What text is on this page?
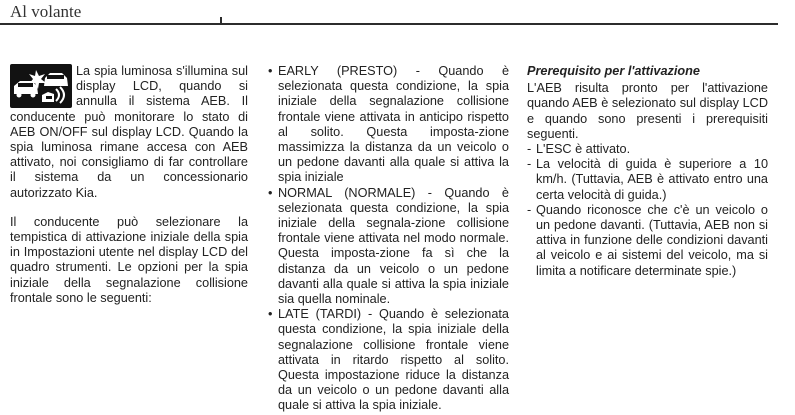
Al volante

La spia luminosa s'illumina sul display LCD, quando si annulla il sistema AEB. Il conducente può monitorare lo stato di AEB ON/OFF sul display LCD. Quando la spia luminosa rimane accesa con AEB attivato, noi consigliamo di far controllare il sistema da un concessionario autorizzato Kia.

Il conducente può selezionare la tempistica di attivazione iniziale della spia in Impostazioni utente nel display LCD del quadro strumenti. Le opzioni per la spia iniziale della segnalazione collisione frontale sono le seguenti:

• EARLY (PRESTO) - Quando è selezionata questa condizione, la spia iniziale della segnalazione collisione frontale viene attivata in anticipo rispetto al solito. Questa imposta-zione massimizza la distanza da un veicolo o un pedone davanti alla quale si attiva la spia iniziale
• NORMAL (NORMALE) - Quando è selezionata questa condizione, la spia iniziale della segnala-zione collisione frontale viene attivata nel modo normale. Questa imposta-zione fa sì che la distanza da un veicolo o un pedone davanti alla quale si attiva la spia iniziale sia quella nominale.
• LATE (TARDI) - Quando è selezionata questa condizione, la spia iniziale della segnalazione collisione frontale viene attivata in ritardo rispetto al solito. Questa impostazione riduce la distanza da un veicolo o un pedone davanti alla quale si attiva la spia iniziale.
Prerequisito per l'attivazione

L'AEB risulta pronto per l'attivazione quando AEB è selezionato sul display LCD e quando sono presenti i prerequisiti seguenti.

- L'ESC è attivato.
- La velocità di guida è superiore a 10 km/h. (Tuttavia, AEB è attivato entro una certa velocità di guida.)
- Quando riconosce che c'è un veicolo o un pedone davanti. (Tuttavia, AEB non si attiva in funzione delle condizioni davanti al veicolo e ai sistemi del veicolo, ma si limita a notificare determinate spie.)
